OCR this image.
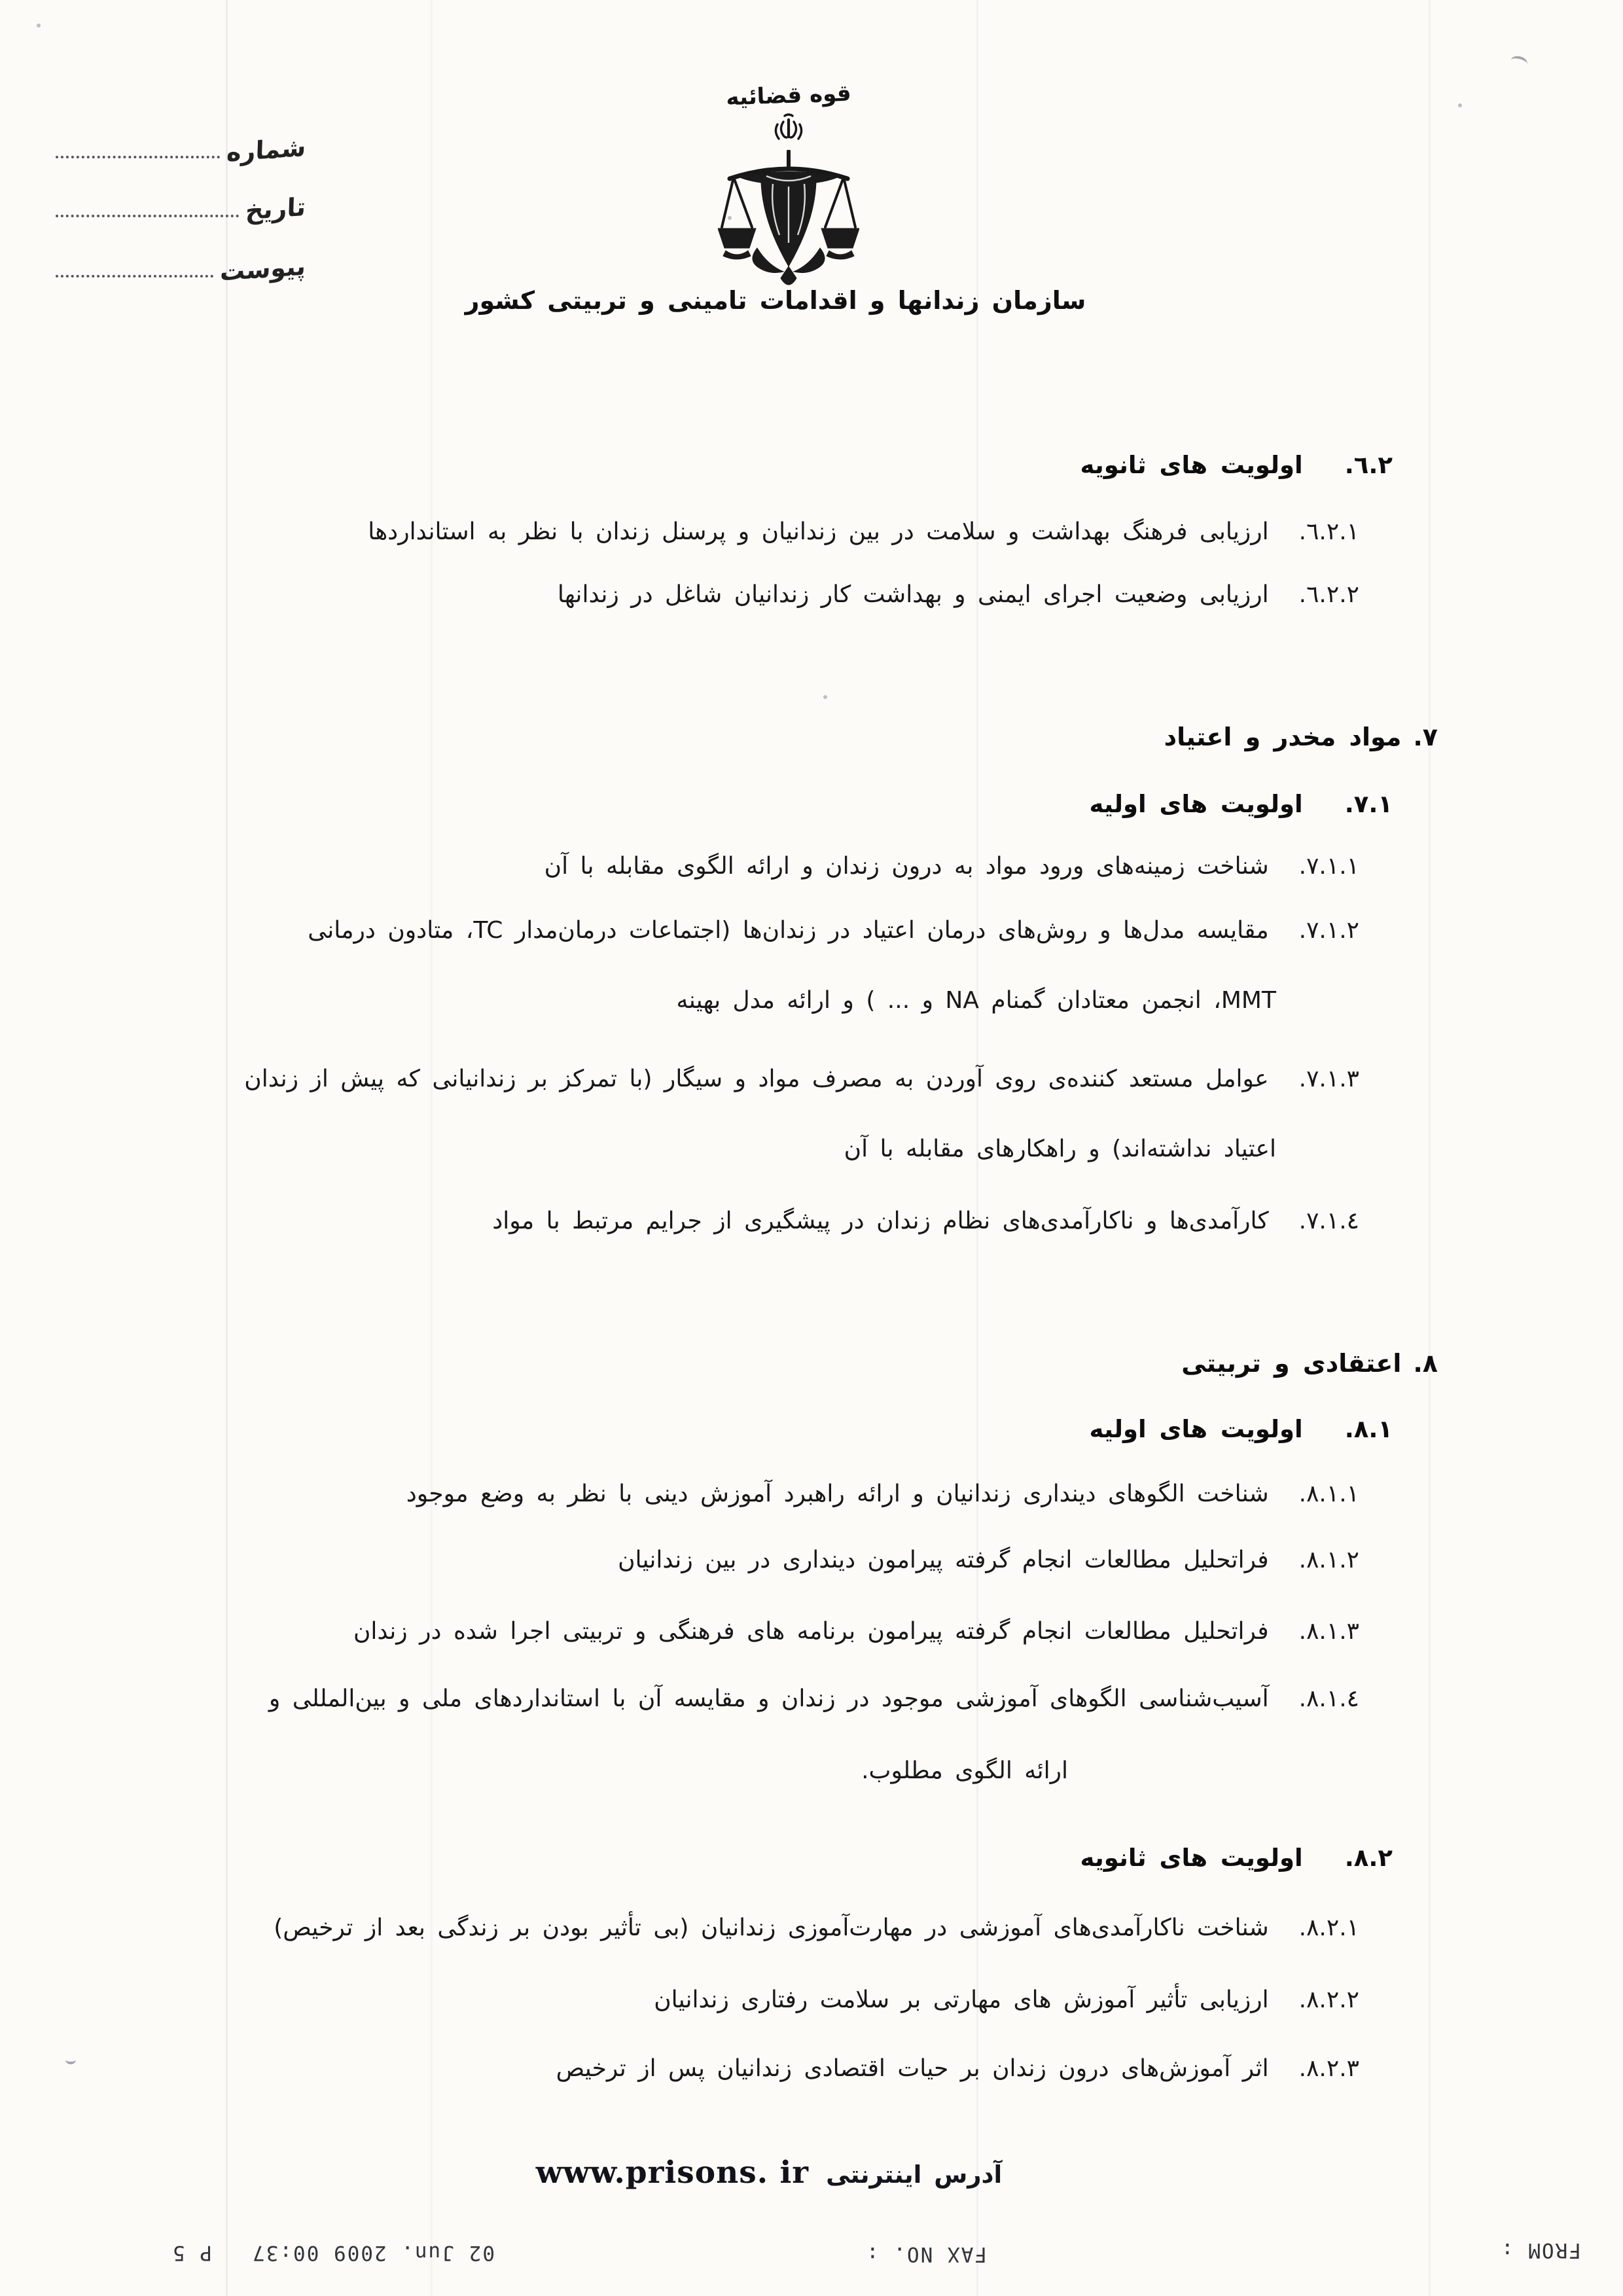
شماره
تاریخ
پیوست
قوه قضائیه
سازمان زندانها و اقدامات تامینی و تربیتی کشور
٦.٢.اولویت های ثانویه
٦.٢.١.ارزیابی فرهنگ بهداشت و سلامت در بین زندانیان و پرسنل زندان با نظر به استانداردها
٦.٢.٢.ارزیابی وضعیت اجرای ایمنی و بهداشت کار زندانیان شاغل در زندانها
٧.مواد مخدر و اعتیاد
٧.١.اولویت های اولیه
٧.١.١.شناخت زمینه‌های ورود مواد به درون زندان و ارائه الگوی مقابله با آن
٧.١.٢.مقایسه مدل‌ها و روش‌های درمان اعتیاد در زندان‌ها (اجتماعات درمان‌مدار TC، متادون درمانی
MMT، انجمن معتادان گمنام NA و ... ) و ارائه مدل بهینه
٧.١.٣.عوامل مستعد کننده‌ی روی آوردن به مصرف مواد و سیگار (با تمرکز بر زندانیانی که پیش از زندان
اعتیاد نداشته‌اند) و راهکارهای مقابله با آن
٧.١.٤.کارآمدی‌ها و ناکارآمدی‌های نظام زندان در پیشگیری از جرایم مرتبط با مواد
٨.اعتقادی و تربیتی
٨.١.اولویت های اولیه
٨.١.١.شناخت الگوهای دینداری زندانیان و ارائه راهبرد آموزش دینی با نظر به وضع موجود
٨.١.٢.فراتحلیل مطالعات انجام گرفته پیرامون دینداری در بین زندانیان
٨.١.٣.فراتحلیل مطالعات انجام گرفته پیرامون برنامه های فرهنگی و تربیتی اجرا شده در زندان
٨.١.٤.آسیب‌شناسی الگوهای آموزشی موجود در زندان و مقایسه آن با استانداردهای ملی و بین‌المللی و
ارائه الگوی مطلوب.
٨.٢.اولویت های ثانویه
٨.٢.١.شناخت ناکارآمدی‌های آموزشی در مهارت‌آموزی زندانیان (بی تأثیر بودن بر زندگی بعد از ترخیص)
٨.٢.٢.ارزیابی تأثیر آموزش های مهارتی بر سلامت رفتاری زندانیان
٨.٢.٣.اثر آموزش‌های درون زندان بر حیات اقتصادی زندانیان پس از ترخیص
آدرس اینترنتی
www.prisons. ir
02 Jun. 2009 00:37
P 5	FAX NO. :	FROM :
